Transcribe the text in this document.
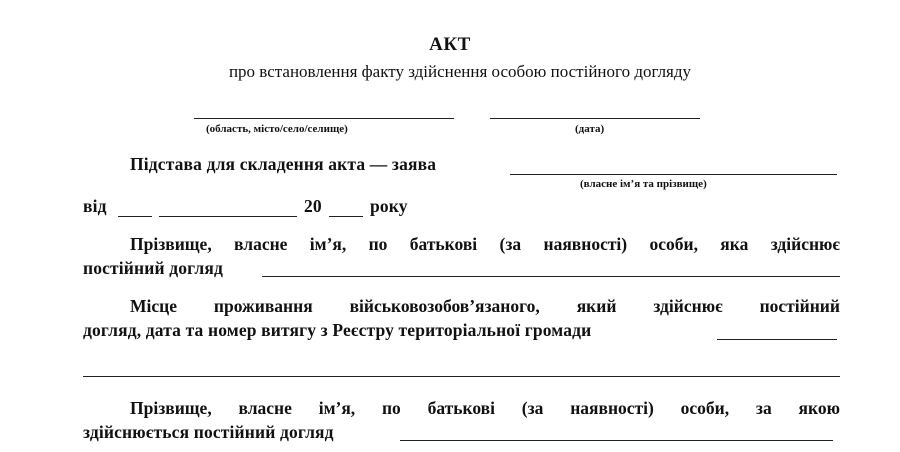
АКТ
про встановлення факту здійснення особою постійного догляду
(область, місто/село/селище)	(дата)
Підстава для складення акта — заява
(власне ім’я та прізвище)
від	20	року
Прізвище, власне ім’я, по батькові (за наявності) особи, яка здійснює
постійний догляд
Місце проживання військовозобов’язаного, який здійснює постійний
догляд, дата та номер витягу з Реєстру територіальної громади
Прізвище, власне ім’я, по батькові (за наявності) особи, за якою
здійснюється постійний догляд
